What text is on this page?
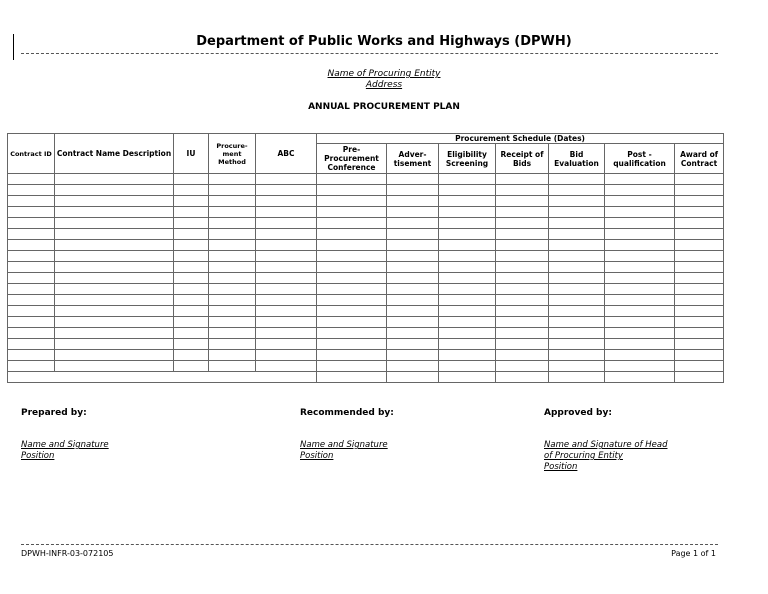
Department of Public Works and Highways (DPWH)
Name of Procuring Entity
Address
ANNUAL PROCUREMENT PLAN
Contract ID	Contract Name Description	IU	Procure- ment Method	ABC	Procurement Schedule (Dates)						
					Pre- Procurement Conference	Adver- tisement	Eligibility Screening	Receipt of Bids	Bid Evaluation	Post -qualification	Award of Contract

Prepared by:
Name and Signature
Position
Recommended by:
Name and Signature
Position
Approved by:
Name and Signature of Head
of Procuring Entity
Position
DPWH-INFR-03-072105	Page 1 of 1
